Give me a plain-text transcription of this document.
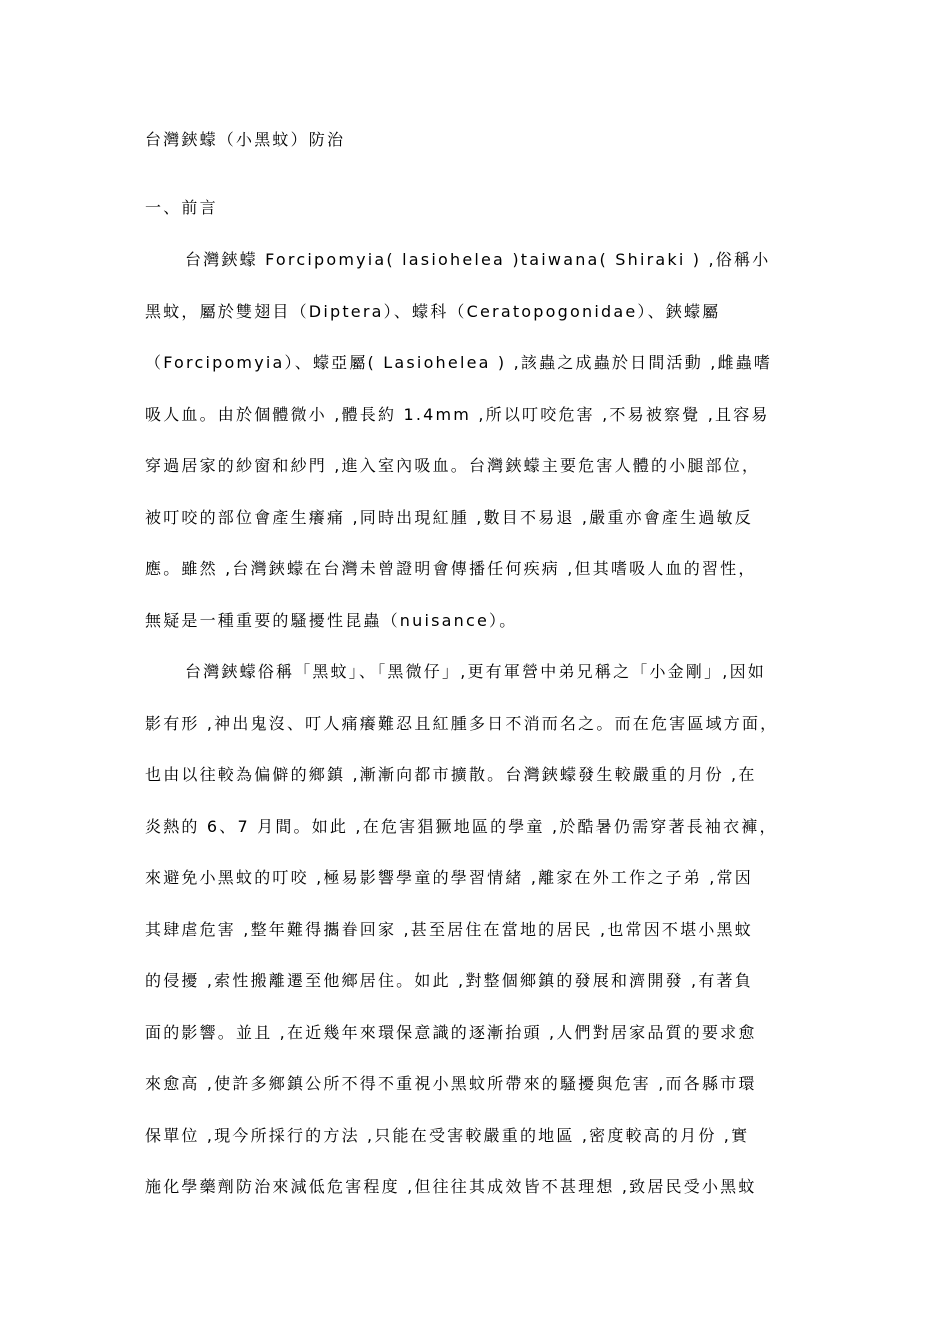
台灣鋏蠓（小黑蚊）防治
一、前言
台灣鋏蠓 Forcipomyia( lasiohelea )taiwana( Shiraki ) ,俗稱小
黑蚊，屬於雙翅目（Diptera）、蠓科（Ceratopogonidae）、鋏蠓屬
（Forcipomyia）、蠓亞屬( Lasiohelea ) ,該蟲之成蟲於日間活動 ,雌蟲嗜
吸人血。由於個體微小 ,體長約 1.4mm ,所以叮咬危害 ,不易被察覺 ,且容易
穿過居家的紗窗和紗門 ,進入室內吸血。台灣鋏蠓主要危害人體的小腿部位，
被叮咬的部位會產生癢痛 ,同時出現紅腫 ,數目不易退 ,嚴重亦會產生過敏反
應。雖然 ,台灣鋏蠓在台灣未曾證明會傳播任何疾病 ,但其嗜吸人血的習性，
無疑是一種重要的騷擾性昆蟲（nuisance）。
台灣鋏蠓俗稱「黑蚊」、「黑微仔」,更有軍營中弟兄稱之「小金剛」,因如
影有形 ,神出鬼沒、叮人痛癢難忍且紅腫多日不消而名之。而在危害區域方面，
也由以往較為偏僻的鄉鎮 ,漸漸向都市擴散。台灣鋏蠓發生較嚴重的月份 ,在
炎熱的 6、7 月間。如此 ,在危害猖獗地區的學童 ,於酷暑仍需穿著長袖衣褲，
來避免小黑蚊的叮咬 ,極易影響學童的學習情緒 ,離家在外工作之子弟 ,常因
其肆虐危害 ,整年難得攜眷回家 ,甚至居住在當地的居民 ,也常因不堪小黑蚊
的侵擾 ,索性搬離遷至他鄉居住。如此 ,對整個鄉鎮的發展和濟開發 ,有著負
面的影響。並且 ,在近幾年來環保意識的逐漸抬頭 ,人們對居家品質的要求愈
來愈高 ,使許多鄉鎮公所不得不重視小黑蚊所帶來的騷擾與危害 ,而各縣市環
保單位 ,現今所採行的方法 ,只能在受害較嚴重的地區 ,密度較高的月份 ,實
施化學藥劑防治來減低危害程度 ,但往往其成效皆不甚理想 ,致居民受小黑蚊
